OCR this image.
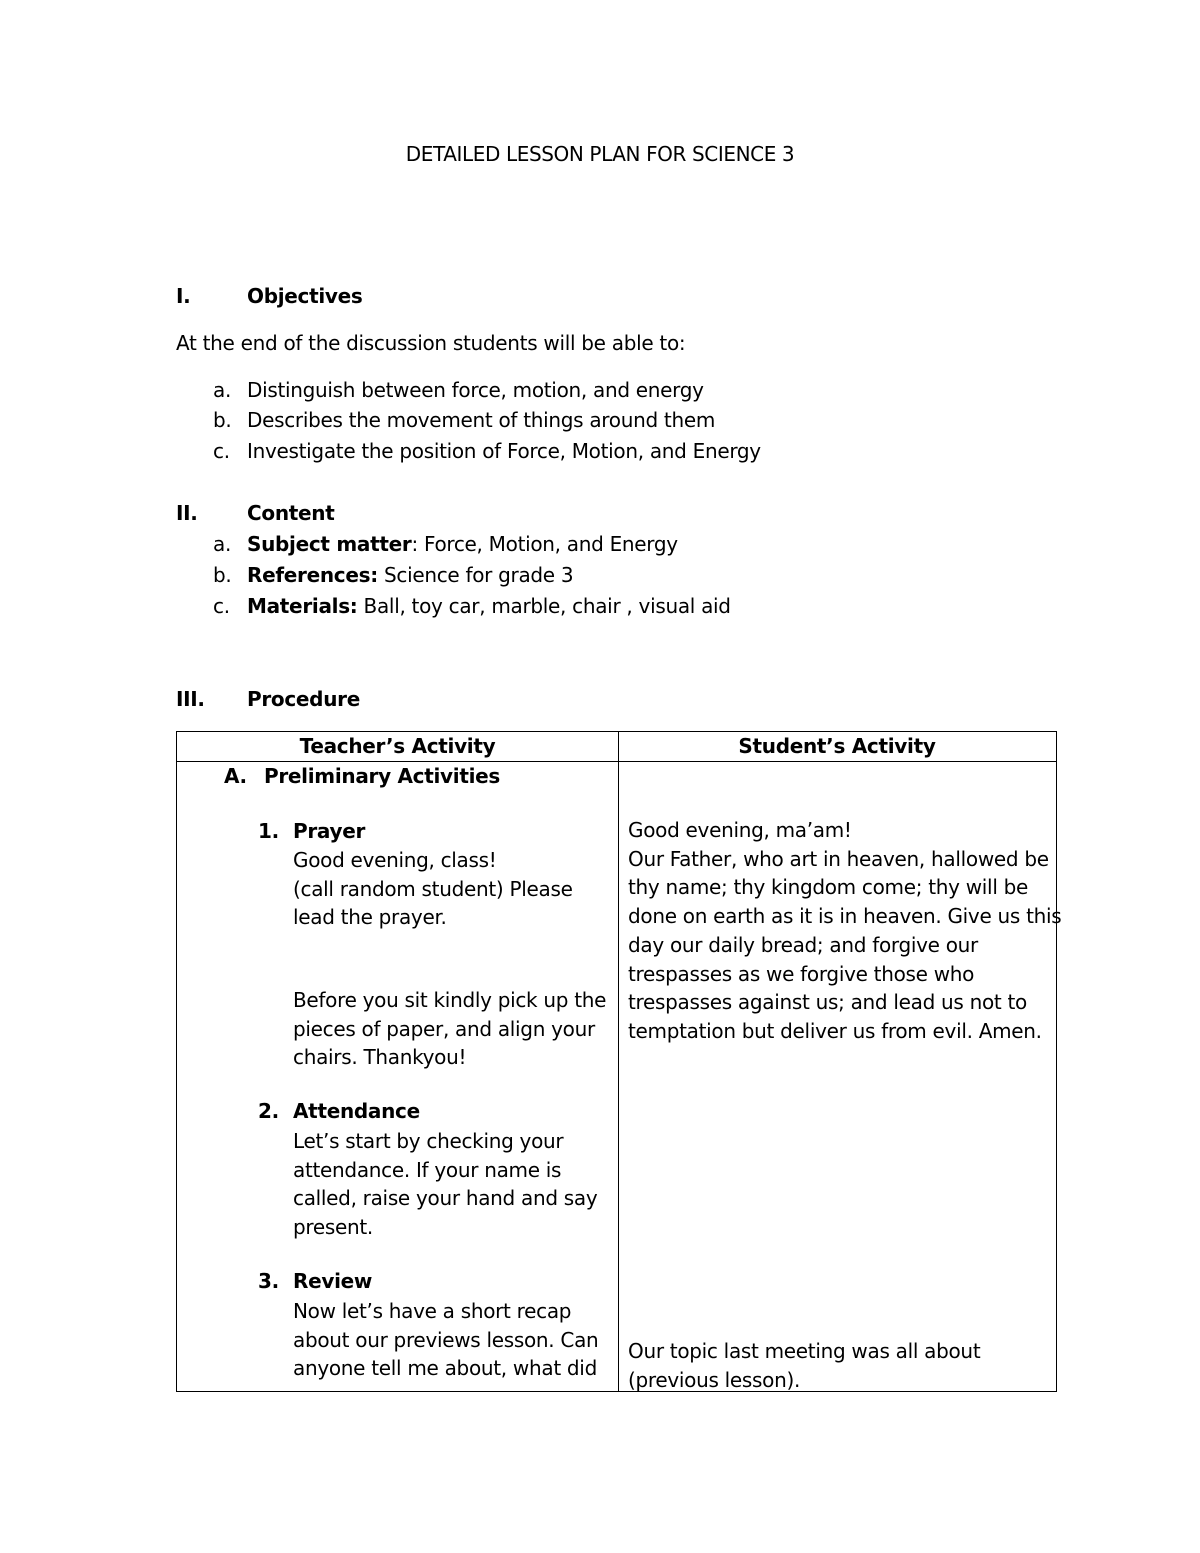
DETAILED LESSON PLAN FOR SCIENCE 3
I.	Objectives
At the end of the discussion students will be able to:
a. Distinguish between force, motion, and energy
b. Describes the movement of things around them
c. Investigate the position of Force, Motion, and Energy
II. Content
a. Subject matter: Force, Motion, and Energy
b. References: Science for grade 3
c. Materials: Ball, toy car, marble, chair , visual aid
III. Procedure
Teacher’s Activity	Student’s Activity
A. Preliminary Activities
1. Prayer
Good evening, class!
(call random student) Please
lead the prayer.
Before you sit kindly pick up the
pieces of paper, and align your
chairs. Thankyou!
2. Attendance
Let’s start by checking your
attendance. If your name is
called, raise your hand and say
present.
3. Review
Now let’s have a short recap
about our previews lesson. Can
anyone tell me about, what did
Good evening, ma’am!
Our Father, who art in heaven, hallowed be
thy name; thy kingdom come; thy will be
done on earth as it is in heaven. Give us this
day our daily bread; and forgive our
trespasses as we forgive those who
trespasses against us; and lead us not to
temptation but deliver us from evil. Amen.
Our topic last meeting was all about
(previous lesson).
